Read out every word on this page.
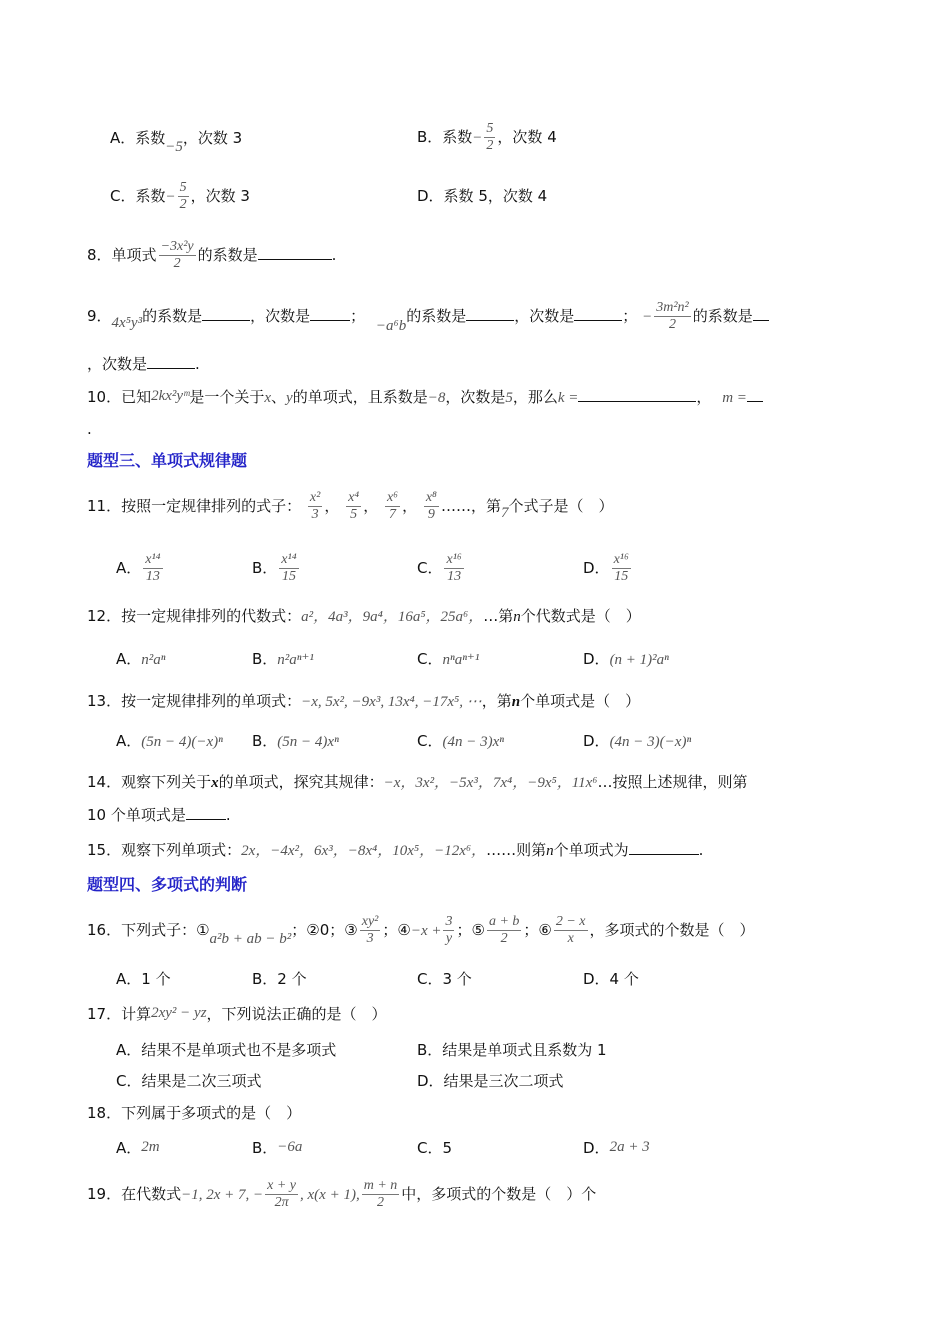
A．系数−5，次数 3	B．系数− $\frac{5}{2}$ ，次数 4
C．系数− $\frac{5}{2}$ ，次数 3	D．系数 5，次数 4
8．单项式 $\frac{\text{−3x²y}}{2}$ 的系数是	.
9．4x⁵y³的系数是	，次数是	； −a⁶b的系数是	，次数是	； − $\frac{\text{3m²n²}}{2}$ 的系数是
，次数是	.
10．已知2kx²yᵐ是一个关于x、y的单项式，且系数是−8，次数是5，那么k =	， m =
.
题型三、单项式规律题
11．按照一定规律排列的式子： $\frac{\text{x²}}{3}$ ， $\frac{\text{x⁴}}{5}$ ， $\frac{\text{x⁶}}{7}$ ， $\frac{\text{x⁸}}{9}$ ……，第7个式子是（　）
A． $\frac{\text{x¹⁴}}{13}$	B． $\frac{\text{x¹⁴}}{15}$	C． $\frac{\text{x¹⁶}}{13}$	D． $\frac{\text{x¹⁶}}{15}$
12．按一定规律排列的代数式：a²，4a³，9a⁴，16a⁵，25a⁶，…第n个代数式是（　）
A．n²aⁿ	B．n²aⁿ⁺¹	C．nⁿaⁿ⁺¹	D．(n + 1)²aⁿ
13．按一定规律排列的单项式：−x, 5x², −9x³, 13x⁴, −17x⁵, ⋯，第n个单项式是（　）
A．(5n − 4)(−x)ⁿ B．(5n − 4)xⁿ	C．(4n − 3)xⁿ	D．(4n − 3)(−x)ⁿ
14．观察下列关于x的单项式，探究其规律：−x，3x²，−5x³，7x⁴，−9x⁵，11x⁶…按照上述规律，则第
10 个单项式是	.
15．观察下列单项式：2x，−4x²，6x³，−8x⁴，10x⁵，−12x⁶，……则第n个单项式为	.
题型四、多项式的判断
16．下列式子：①a²b + ab − b²；②0；③ $\frac{\text{xy²}}{3}$ ；④−x + $\frac{3}{y}$ ；⑤ $\frac{a + b}{2}$ ；⑥ $\frac{2 - x}{x}$ ，多项式的个数是（　）
A．1 个	B．2 个	C．3 个	D．4 个
17．计算2xy² − yz，下列说法正确的是（　）
A．结果不是单项式也不是多项式	B．结果是单项式且系数为 1
C．结果是二次三项式	D．结果是三次二项式
18．下列属于多项式的是（　）
A．2m	B．−6a	C．5	D．2a + 3
19．在代数式−1, 2x + 7, − $\frac{x + y}{2\pi}$ , x(x + 1), $\frac{m + n}{2}$ 中，多项式的个数是（　）个
